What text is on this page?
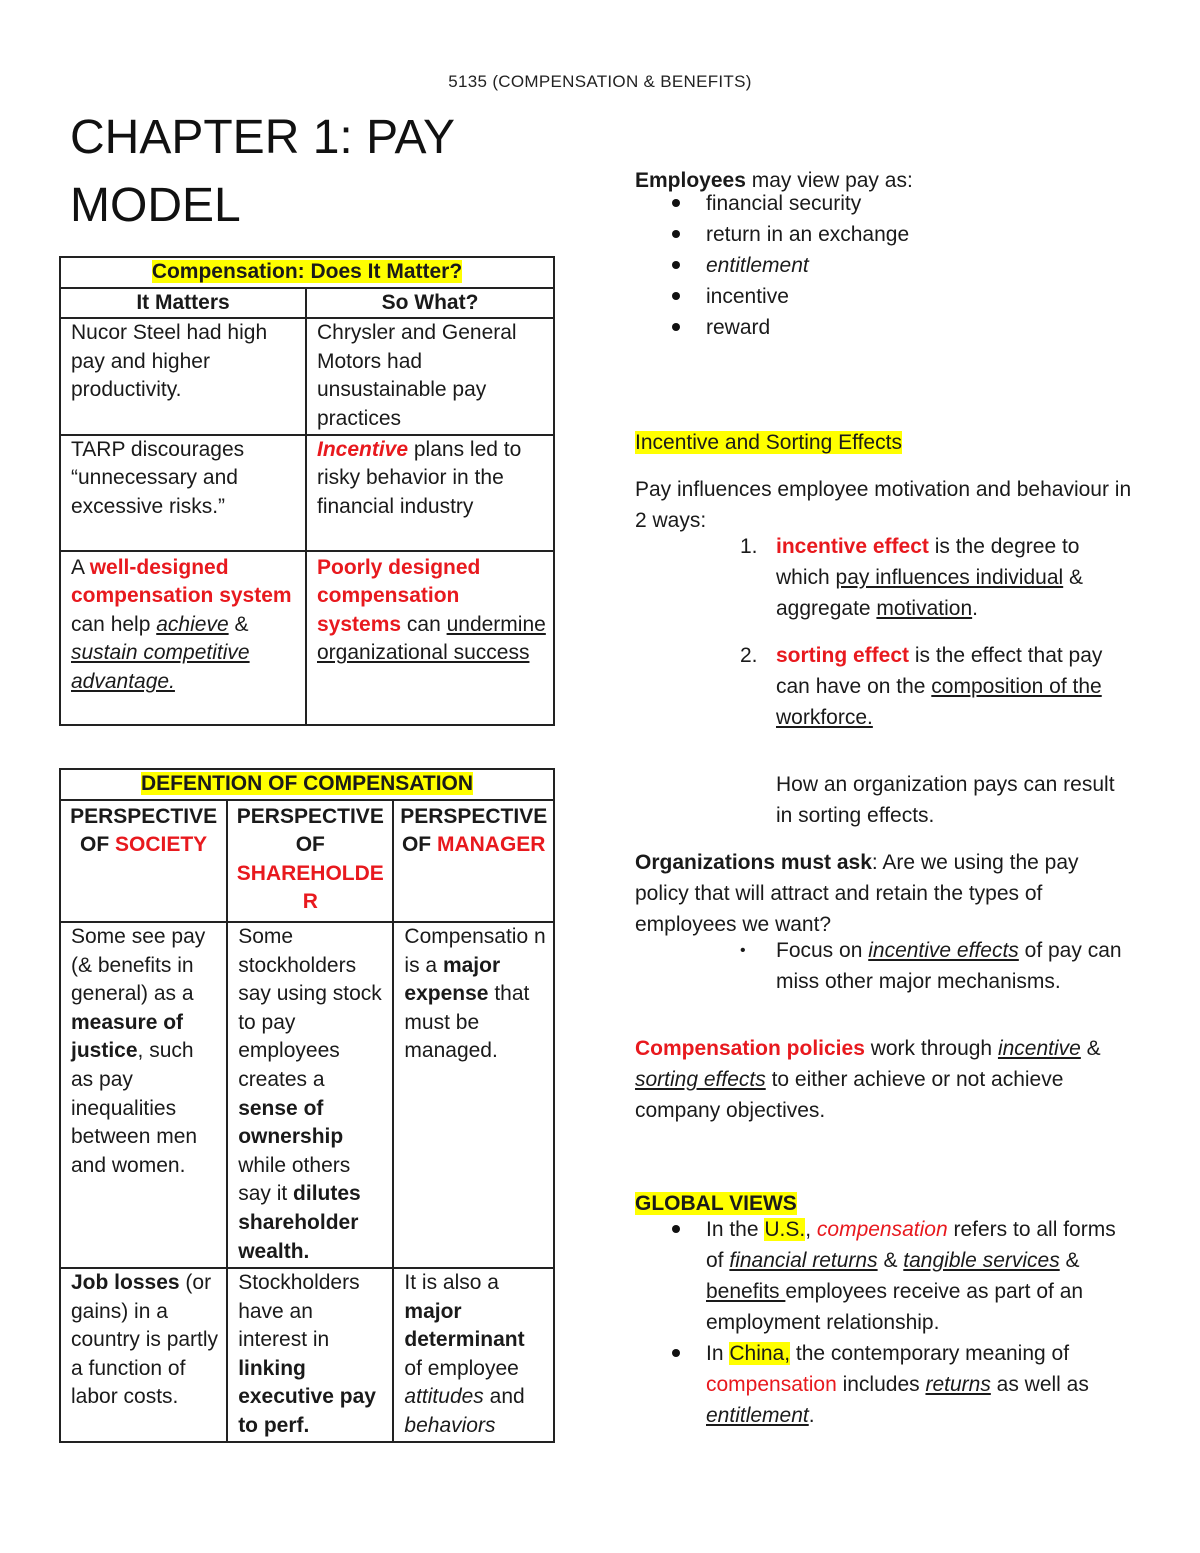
5135 (COMPENSATION & BENEFITS)
CHAPTER 1: PAY MODEL
Compensation: Does It Matter?	
It Matters	So What?
Nucor Steel had high pay and higher productivity.	Chrysler and General Motors had unsustainable pay practices
TARP discourages “unnecessary and excessive risks.”	Incentive plans led to risky behavior in the financial industry
A well-designed compensation system can help achieve & sustain competitive advantage.	Poorly designed compensation systems can undermine organizational success
DEFENTION OF COMPENSATION		
PERSPECTIVE OF SOCIETY	PERSPECTIVE OF SHAREHOLDE R	PERSPECTIVE OF MANAGER
Some see pay (& benefits in general) as a measure of justice, such as pay inequalities between men and women.	Some stockholders say using stock to pay employees creates a sense of ownership while others say it dilutes shareholder wealth.	Compensatio n is a major expense that must be managed.
Job losses (or gains) in a country is partly a function of labor costs.	Stockholders have an interest in linking executive pay to perf.	It is also a major determinant of employee attitudes and behaviors

Employees may view pay as:

financial security
return in an exchange
entitlement
incentive
reward

Incentive and Sorting Effects

Pay influences employee motivation and behaviour in 2 ways:

1. incentive effect is the degree to which pay influences individual & aggregate motivation.
2. sorting effect is the effect that pay can have on the composition of the workforce.

How an organization pays can result in sorting effects.

Organizations must ask: Are we using the pay policy that will attract and retain the types of employees we want?

• Focus on incentive effects of pay can miss other major mechanisms.

Compensation policies work through incentive & sorting effects to either achieve or not achieve company objectives.

GLOBAL VIEWS

In the U.S., compensation refers to all forms of financial returns & tangible services & benefits employees receive as part of an employment relationship.
In China, the contemporary meaning of compensation includes returns as well as entitlement.
